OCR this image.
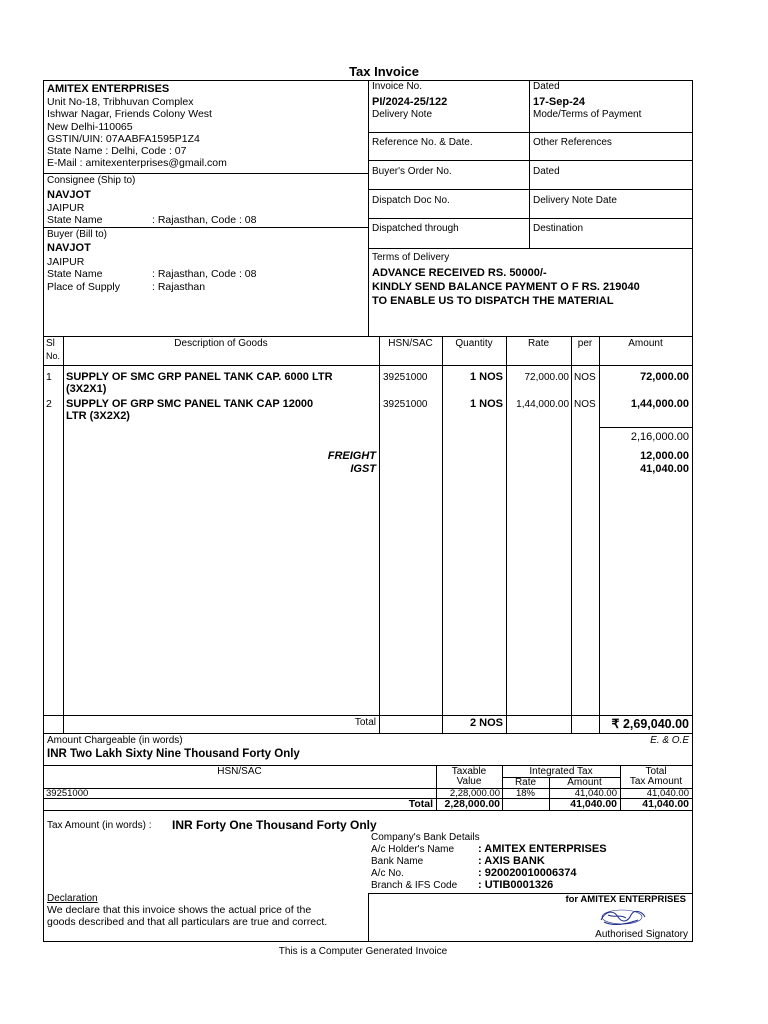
Tax Invoice
AMITEX ENTERPRISES
Unit No-18, Tribhuvan Complex
Ishwar Nagar, Friends Colony West
New Delhi-110065
GSTIN/UIN: 07AABFA1595P1Z4
State Name : Delhi, Code : 07
E-Mail : amitexenterprises@gmail.com
Consignee (Ship to)
NAVJOT
JAIPUR
State Name	: Rajasthan, Code : 08
Buyer (Bill to)
NAVJOT
JAIPUR
State Name	: Rajasthan, Code : 08
Place of Supply	: Rajasthan
Invoice No.
PI/2024-25/122
Dated
17-Sep-24
Delivery Note	Mode/Terms of Payment
Reference No. & Date.	Other References
Buyer's Order No.	Dated
Dispatch Doc No.	Delivery Note Date
Dispatched through	Destination
Terms of Delivery
ADVANCE RECEIVED RS. 50000/-
KINDLY SEND BALANCE PAYMENT O F RS. 219040
TO ENABLE US TO DISPATCH THE MATERIAL
Sl
No.
Description of Goods	HSN/SAC	Quantity	Rate	per	Amount
1 SUPPLY OF SMC GRP PANEL TANK CAP. 6000 LTR
(3X2X1)
39251000	1 NOS	72,000.00 NOS	72,000.00
2 SUPPLY OF GRP SMC PANEL TANK CAP 12000
LTR (3X2X2)
39251000	1 NOS	1,44,000.00 NOS	1,44,000.00
2,16,000.00
FREIGHT	12,000.00
IGST	41,040.00
Total	2 NOS	₹ 2,69,040.00
Amount Chargeable (in words)	E. & O.E
INR Two Lakh Sixty Nine Thousand Forty Only
HSN/SAC	Taxable
Value
Integrated Tax
Rate	Amount
Total
Tax Amount
39251000	2,28,000.00	18%	41,040.00	41,040.00
Total	2,28,000.00	41,040.00	41,040.00
Tax Amount (in words) : INR Forty One Thousand Forty Only
Company's Bank Details
A/c Holder's Name : AMITEX ENTERPRISES
Bank Name	: AXIS BANK
A/c No.	: 920020010006374
Branch & IFS Code : UTIB0001326
for AMITEX ENTERPRISES
Authorised Signatory
Declaration
We declare that this invoice shows the actual price of the
goods described and that all particulars are true and correct.
This is a Computer Generated Invoice
